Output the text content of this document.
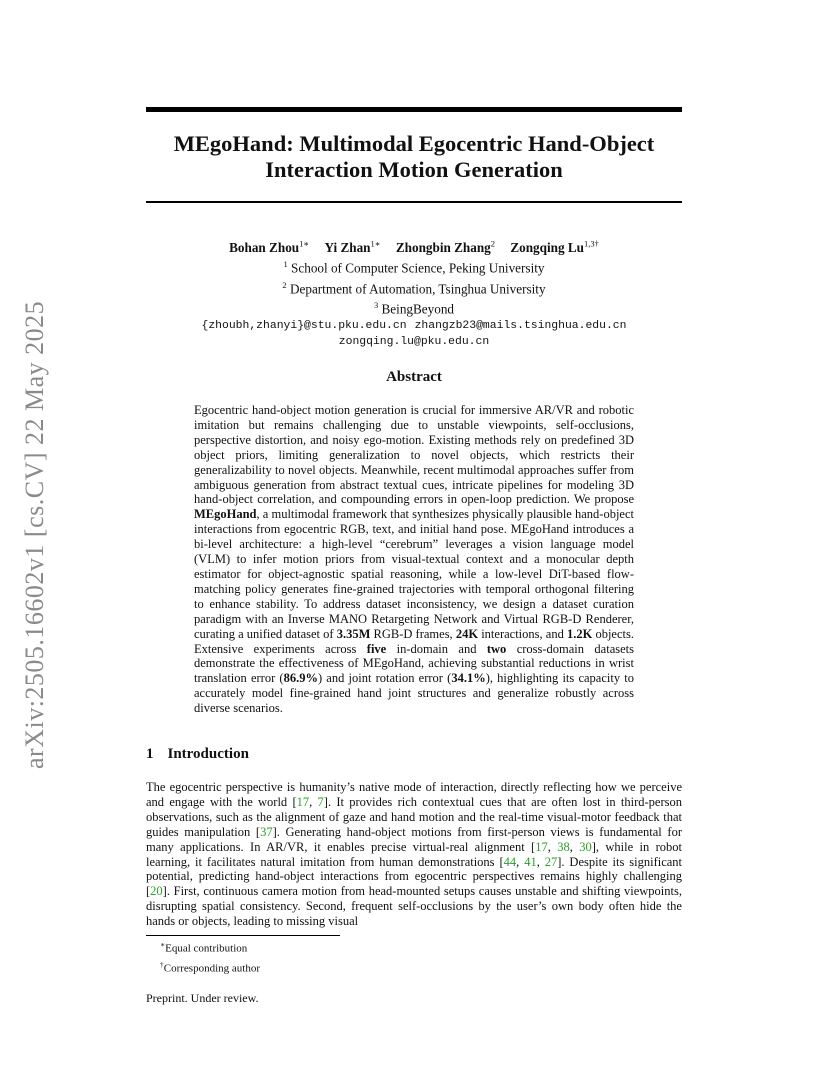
arXiv:2505.16602v1 [cs.CV] 22 May 2025
MEgoHand: Multimodal Egocentric Hand-Object
Interaction Motion Generation
Bohan Zhou$^{1∗}$ Yi Zhan$^{1∗}$ Zhongbin Zhang$^2$ Zongqing $Lu^{1,3\dagger}$
$^1$ School of Computer Science, Peking University
$^2$ Department of Automation, Tsinghua University
$^3$ BeingBeyond
{zhoubh,zhanyi}@stu.pku.edu.cn zhangzb23@mails.tsinghua.edu.cn
zongqing.lu@pku.edu.cn
Abstract
Egocentric hand-object motion generation is crucial for immersive AR/VR and robotic imitation but remains challenging due to unstable viewpoints, self-occlusions, perspective distortion, and noisy ego-motion. Existing methods rely on predefined 3D object priors, limiting generalization to novel objects, which restricts their generalizability to novel objects. Meanwhile, recent multimodal approaches suffer from ambiguous generation from abstract textual cues, intricate pipelines for modeling 3D hand-object correlation, and compounding errors in open-loop prediction. We propose MEgoHand, a multimodal framework that synthesizes physically plausible hand-object interactions from egocentric RGB, text, and initial hand pose. MEgoHand introduces a bi-level architecture: a high-level “cerebrum” leverages a vision language model (VLM) to infer motion priors from visual-textual context and a monocular depth estimator for object-agnostic spatial reasoning, while a low-level DiT-based flow-matching policy generates fine-grained trajectories with temporal orthogonal filtering to enhance stability. To address dataset inconsistency, we design a dataset curation paradigm with an Inverse MANO Retargeting Network and Virtual RGB-D Renderer, curating a unified dataset of 3.35M RGB-D frames, 24K interactions, and 1.2K objects. Extensive experiments across five in-domain and two cross-domain datasets demonstrate the effectiveness of MEgoHand, achieving substantial reductions in wrist translation error (86.9%) and joint rotation error (34.1%), highlighting its capacity to accurately model fine-grained hand joint structures and generalize robustly across diverse scenarios.
1 Introduction
The egocentric perspective is humanity’s native mode of interaction, directly reflecting how we perceive and engage with the world [17, 7]. It provides rich contextual cues that are often lost in third-person observations, such as the alignment of gaze and hand motion and the real-time visual-motor feedback that guides manipulation [37]. Generating hand-object motions from first-person views is fundamental for many applications. In AR/VR, it enables precise virtual-real alignment [17, 38, 30], while in robot learning, it facilitates natural imitation from human demonstrations [44, 41, 27]. Despite its significant potential, predicting hand-object interactions from egocentric perspectives remains highly challenging [20]. First, continuous camera motion from head-mounted setups causes unstable and shifting viewpoints, disrupting spatial consistency. Second, frequent self-occlusions by the user’s own body often hide the hands or objects, leading to missing visual
∗Equal contribution
†Corresponding author
Preprint. Under review.
